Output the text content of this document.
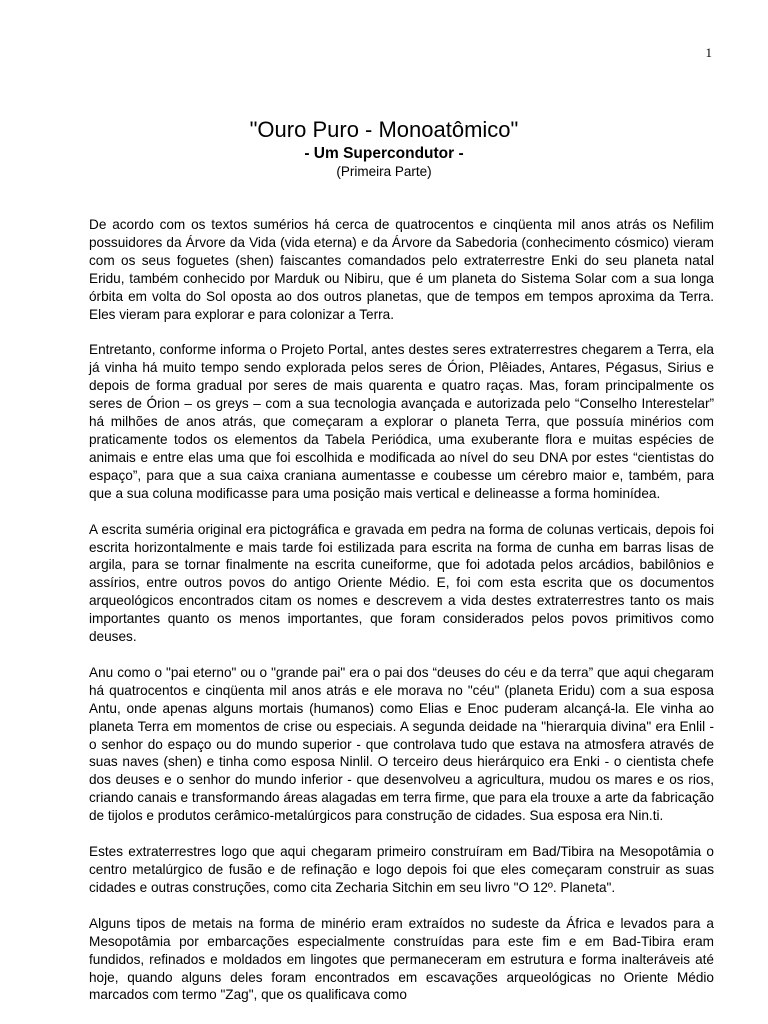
1
"Ouro Puro - Monoatômico"
- Um Supercondutor -
(Primeira Parte)

De acordo com os textos sumérios há cerca de quatrocentos e cinqüenta mil anos atrás os Nefilim possuidores da Árvore da Vida (vida eterna) e da Árvore da Sabedoria (conhecimento cósmico) vieram com os seus foguetes (shen) faiscantes comandados pelo extraterrestre Enki do seu planeta natal Eridu, também conhecido por Marduk ou Nibiru, que é um planeta do Sistema Solar com a sua longa órbita em volta do Sol oposta ao dos outros planetas, que de tempos em tempos aproxima da Terra. Eles vieram para explorar e para colonizar a Terra.

Entretanto, conforme informa o Projeto Portal, antes destes seres extraterrestres chegarem a Terra, ela já vinha há muito tempo sendo explorada pelos seres de Órion, Plêiades, Antares, Pégasus, Sirius e depois de forma gradual por seres de mais quarenta e quatro raças. Mas, foram principalmente os seres de Órion – os greys – com a sua tecnologia avançada e autorizada pelo “Conselho Interestelar” há milhões de anos atrás, que começaram a explorar o planeta Terra, que possuía minérios com praticamente todos os elementos da Tabela Periódica, uma exuberante flora e muitas espécies de animais e entre elas uma que foi escolhida e modificada ao nível do seu DNA por estes “cientistas do espaço”, para que a sua caixa craniana aumentasse e coubesse um cérebro maior e, também, para que a sua coluna modificasse para uma posição mais vertical e delineasse a forma hominídea.

A escrita suméria original era pictográfica e gravada em pedra na forma de colunas verticais, depois foi escrita horizontalmente e mais tarde foi estilizada para escrita na forma de cunha em barras lisas de argila, para se tornar finalmente na escrita cuneiforme, que foi adotada pelos arcádios, babilônios e assírios, entre outros povos do antigo Oriente Médio. E, foi com esta escrita que os documentos arqueológicos encontrados citam os nomes e descrevem a vida destes extraterrestres tanto os mais importantes quanto os menos importantes, que foram considerados pelos povos primitivos como deuses.

Anu como o "pai eterno" ou o "grande pai" era o pai dos “deuses do céu e da terra” que aqui chegaram há quatrocentos e cinqüenta mil anos atrás e ele morava no "céu" (planeta Eridu) com a sua esposa Antu, onde apenas alguns mortais (humanos) como Elias e Enoc puderam alcançá-la. Ele vinha ao planeta Terra em momentos de crise ou especiais. A segunda deidade na "hierarquia divina" era Enlil - o senhor do espaço ou do mundo superior - que controlava tudo que estava na atmosfera através de suas naves (shen) e tinha como esposa Ninlil. O terceiro deus hierárquico era Enki - o cientista chefe dos deuses e o senhor do mundo inferior - que desenvolveu a agricultura, mudou os mares e os rios, criando canais e transformando áreas alagadas em terra firme, que para ela trouxe a arte da fabricação de tijolos e produtos cerâmico-metalúrgicos para construção de cidades. Sua esposa era Nin.ti.

Estes extraterrestres logo que aqui chegaram primeiro construíram em Bad/Tibira na Mesopotâmia o centro metalúrgico de fusão e de refinação e logo depois foi que eles começaram construir as suas cidades e outras construções, como cita Zecharia Sitchin em seu livro "O 12º. Planeta".

Alguns tipos de metais na forma de minério eram extraídos no sudeste da África e levados para a Mesopotâmia por embarcações especialmente construídas para este fim e em Bad-Tibira eram fundidos, refinados e moldados em lingotes que permaneceram em estrutura e forma inalteráveis até hoje, quando alguns deles foram encontrados em escavações arqueológicas no Oriente Médio marcados com termo "Zag", que os qualificava como
